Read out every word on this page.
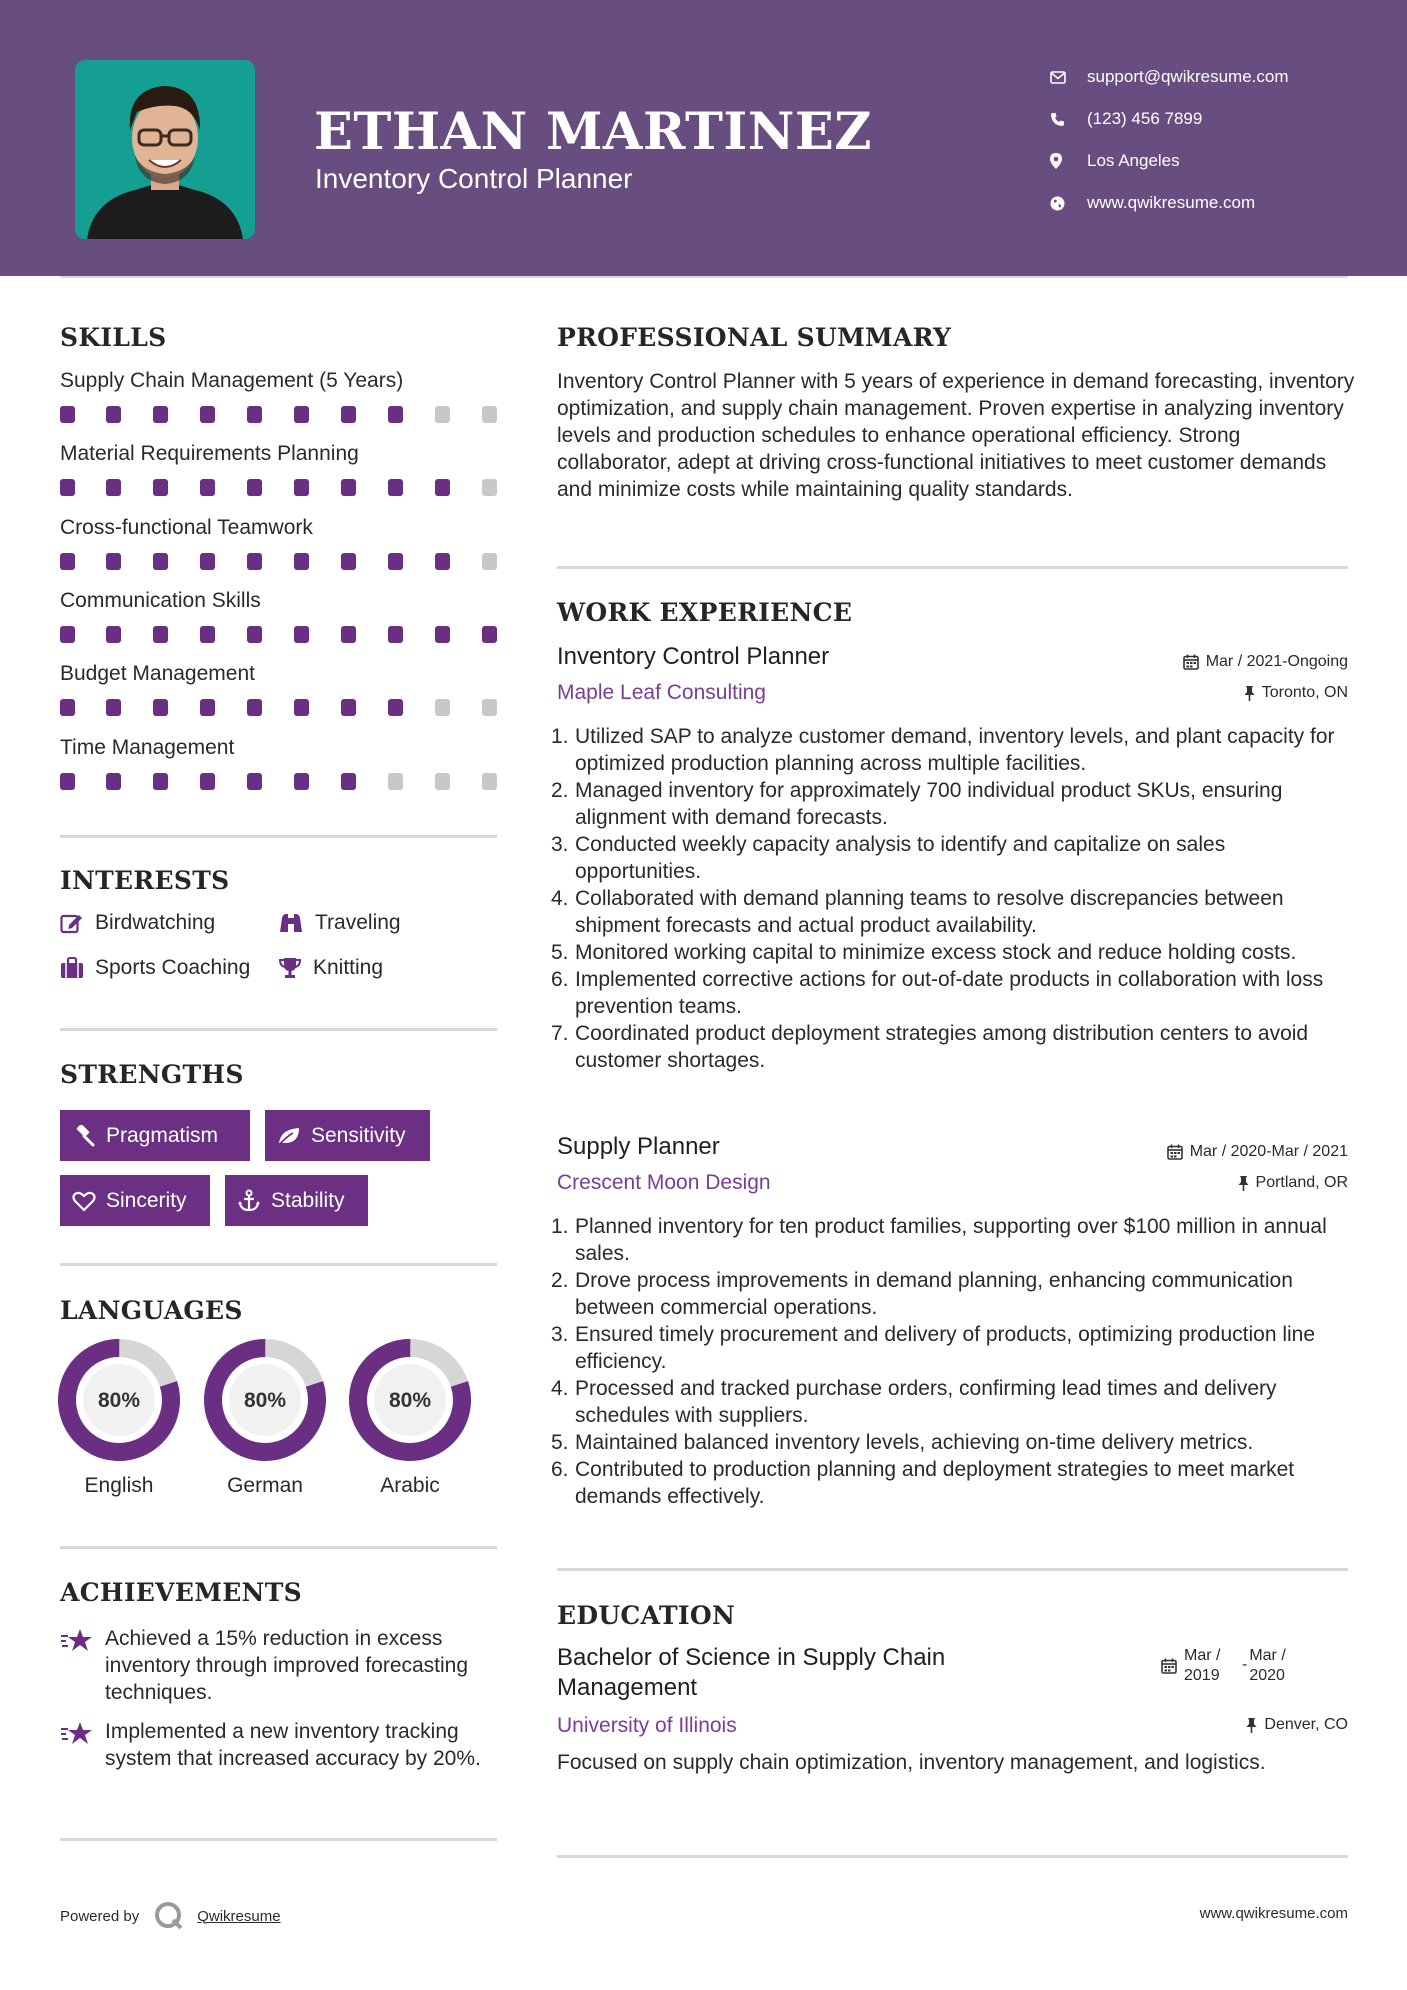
ETHAN MARTINEZ
Inventory Control Planner
support@qwikresume.com
(123) 456 7899
Los Angeles
www.qwikresume.com
SKILLS
Supply Chain Management (5 Years)
Material Requirements Planning
Cross-functional Teamwork
Communication Skills
Budget Management
Time Management
INTERESTS
Birdwatching	Traveling
Sports Coaching	Knitting
STRENGTHS
Pragmatism	Sensitivity
Sincerity	Stability
LANGUAGES
80%
English
80%
German
80%
Arabic
ACHIEVEMENTS
Achieved a 15% reduction in excess inventory through improved forecasting techniques.
Implemented a new inventory tracking system that increased accuracy by 20%.
PROFESSIONAL SUMMARY
Inventory Control Planner with 5 years of experience in demand forecasting, inventory optimization, and supply chain management. Proven expertise in analyzing inventory levels and production schedules to enhance operational efficiency. Strong collaborator, adept at driving cross-functional initiatives to meet customer demands and minimize costs while maintaining quality standards.
WORK EXPERIENCE
Inventory Control Planner	Mar / 2021-Ongoing
Maple Leaf Consulting	Toronto, ON
1. Utilized SAP to analyze customer demand, inventory levels, and plant capacity for optimized production planning across multiple facilities.
2. Managed inventory for approximately 700 individual product SKUs, ensuring alignment with demand forecasts.
3. Conducted weekly capacity analysis to identify and capitalize on sales opportunities.
4. Collaborated with demand planning teams to resolve discrepancies between shipment forecasts and actual product availability.
5. Monitored working capital to minimize excess stock and reduce holding costs.
6. Implemented corrective actions for out-of-date products in collaboration with loss prevention teams.
7. Coordinated product deployment strategies among distribution centers to avoid customer shortages.
Supply Planner	Mar / 2020-Mar / 2021
Crescent Moon Design	Portland, OR
1. Planned inventory for ten product families, supporting over $100 million in annual sales.
2. Drove process improvements in demand planning, enhancing communication between commercial operations.
3. Ensured timely procurement and delivery of products, optimizing production line efficiency.
4. Processed and tracked purchase orders, confirming lead times and delivery schedules with suppliers.
5. Maintained balanced inventory levels, achieving on-time delivery metrics.
6. Contributed to production planning and deployment strategies to meet market demands effectively.
EDUCATION
Bachelor of Science in Supply Chain Management
Mar / 2019
-
Mar / 2020
University of Illinois	Denver, CO
Focused on supply chain optimization, inventory management, and logistics.
Powered by	Qwikresume	www.qwikresume.com
